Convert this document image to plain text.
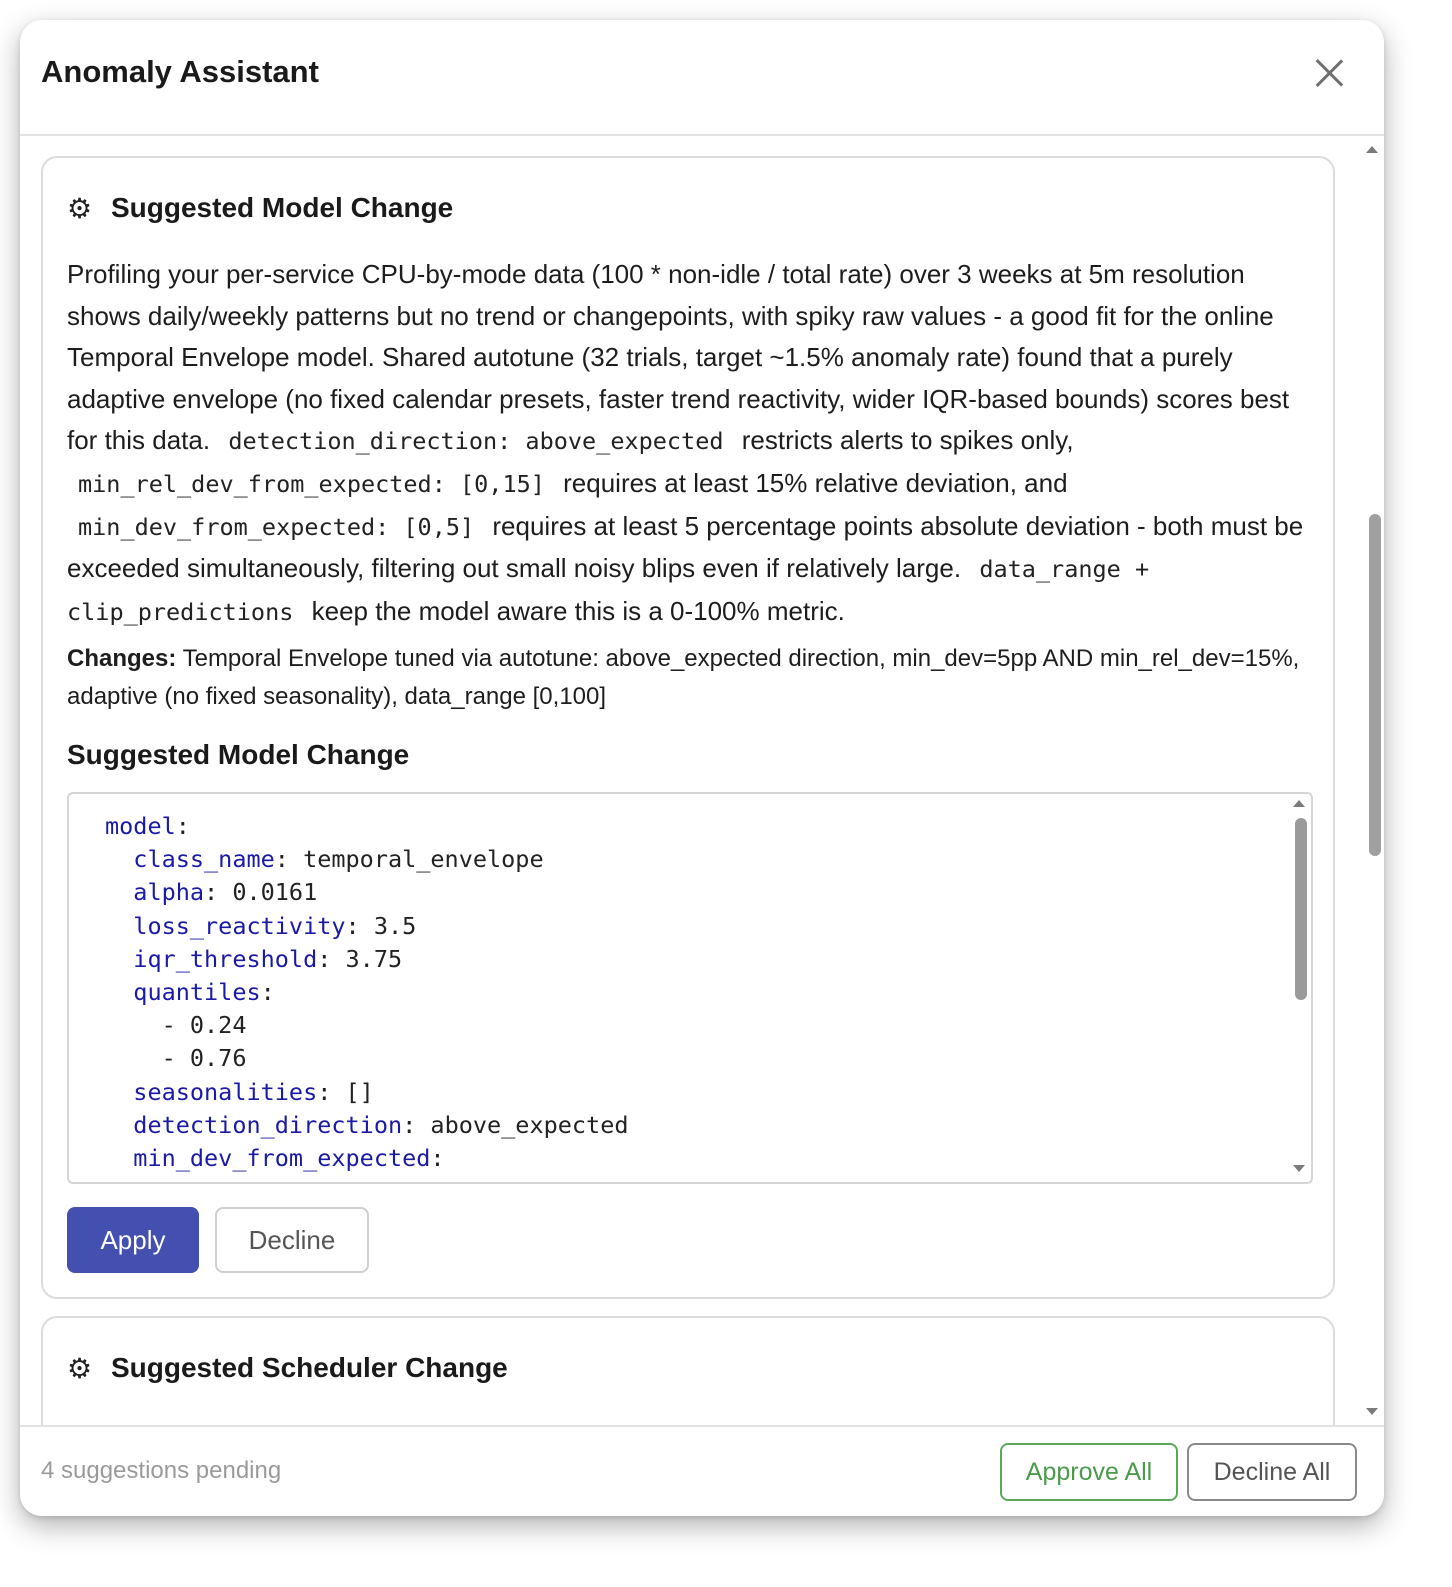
Anomaly Assistant
⚙ Suggested Model Change
Profiling your per-service CPU-by-mode data (100 * non-idle / total rate) over 3 weeks at 5m resolution shows daily/weekly patterns but no trend or changepoints, with spiky raw values - a good fit for the online Temporal Envelope model. Shared autotune (32 trials, target ~1.5% anomaly rate) found that a purely adaptive envelope (no fixed calendar presets, faster trend reactivity, wider IQR-based bounds) scores best for this data. detection_direction: above_expected restricts alerts to spikes only, min_rel_dev_from_expected: [0,15] requires at least 15% relative deviation, and min_dev_from_expected: [0,5] requires at least 5 percentage points absolute deviation - both must be exceeded simultaneously, filtering out small noisy blips even if relatively large. data_range + clip_predictions keep the model aware this is a 0-100% metric.
Changes: Temporal Envelope tuned via autotune: above_expected direction, min_dev=5pp AND min_rel_dev=15%, adaptive (no fixed seasonality), data_range [0,100]
Suggested Model Change
model:
class_name: temporal_envelope
alpha: 0.0161
loss_reactivity: 3.5
iqr_threshold: 3.75
quantiles:
- 0.24
- 0.76
seasonalities: []
detection_direction: above_expected
min_dev_from_expected:
Apply	Decline
⚙ Suggested Scheduler Change
4 suggestions pending	Approve All	Decline All
